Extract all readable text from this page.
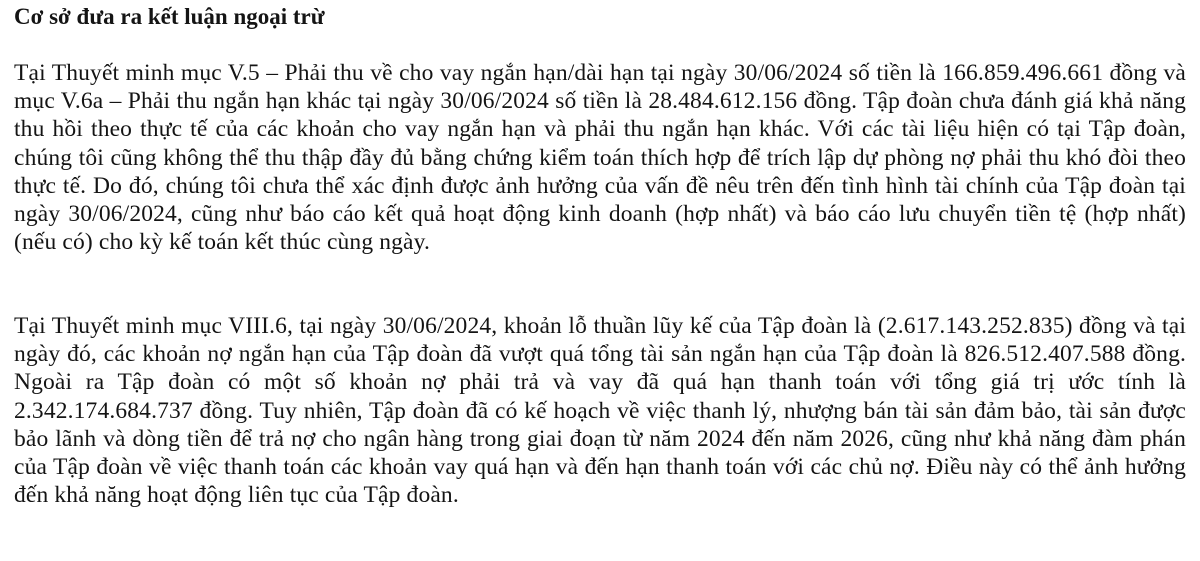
Cơ sở đưa ra kết luận ngoại trừ

Tại Thuyết minh mục V.5 – Phải thu về cho vay ngắn hạn/dài hạn tại ngày 30/06/2024 số tiền là 166.859.496.661 đồng và mục V.6a – Phải thu ngắn hạn khác tại ngày 30/06/2024 số tiền là 28.484.612.156 đồng. Tập đoàn chưa đánh giá khả năng thu hồi theo thực tế của các khoản cho vay ngắn hạn và phải thu ngắn hạn khác. Với các tài liệu hiện có tại Tập đoàn, chúng tôi cũng không thể thu thập đầy đủ bằng chứng kiểm toán thích hợp để trích lập dự phòng nợ phải thu khó đòi theo thực tế. Do đó, chúng tôi chưa thể xác định được ảnh hưởng của vấn đề nêu trên đến tình hình tài chính của Tập đoàn tại ngày 30/06/2024, cũng như báo cáo kết quả hoạt động kinh doanh (hợp nhất) và báo cáo lưu chuyển tiền tệ (hợp nhất) (nếu có) cho kỳ kế toán kết thúc cùng ngày.

Tại Thuyết minh mục VIII.6, tại ngày 30/06/2024, khoản lỗ thuần lũy kế của Tập đoàn là (2.617.143.252.835) đồng và tại ngày đó, các khoản nợ ngắn hạn của Tập đoàn đã vượt quá tổng tài sản ngắn hạn của Tập đoàn là 826.512.407.588 đồng. Ngoài ra Tập đoàn có một số khoản nợ phải trả và vay đã quá hạn thanh toán với tổng giá trị ước tính là 2.342.174.684.737 đồng. Tuy nhiên, Tập đoàn đã có kế hoạch về việc thanh lý, nhượng bán tài sản đảm bảo, tài sản được bảo lãnh và dòng tiền để trả nợ cho ngân hàng trong giai đoạn từ năm 2024 đến năm 2026, cũng như khả năng đàm phán của Tập đoàn về việc thanh toán các khoản vay quá hạn và đến hạn thanh toán với các chủ nợ. Điều này có thể ảnh hưởng đến khả năng hoạt động liên tục của Tập đoàn.
